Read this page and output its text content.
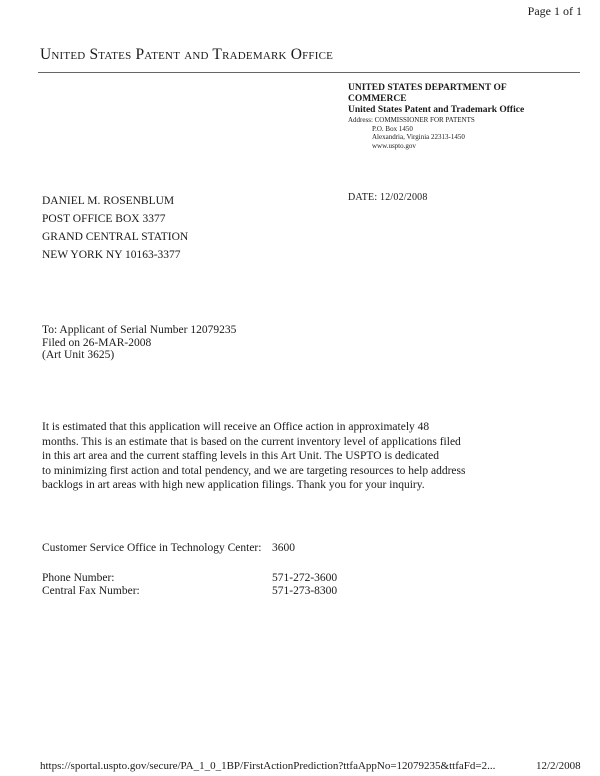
Page 1 of 1
United States Patent and Trademark Office
UNITED STATES DEPARTMENT OF
COMMERCE
United States Patent and Trademark Office
Address: COMMISSIONER FOR PATENTS
P.O. Box 1450
Alexandria, Virginia 22313-1450
www.uspto.gov
DANIEL M. ROSENBLUM
POST OFFICE BOX 3377
GRAND CENTRAL STATION
NEW YORK NY 10163-3377
DATE: 12/02/2008
To: Applicant of Serial Number 12079235
Filed on 26-MAR-2008
(Art Unit 3625)
It is estimated that this application will receive an Office action in approximately 48
months. This is an estimate that is based on the current inventory level of applications filed
in this art area and the current staffing levels in this Art Unit. The USPTO is dedicated
to minimizing first action and total pendency, and we are targeting resources to help address
backlogs in art areas with high new application filings. Thank you for your inquiry.
Customer Service Office in Technology Center: 3600
Phone Number:
Central Fax Number:
571-272-3600
571-273-8300
https://sportal.uspto.gov/secure/PA_1_0_1BP/FirstActionPrediction?ttfaAppNo=12079235&ttfaFd=2...	12/2/2008
